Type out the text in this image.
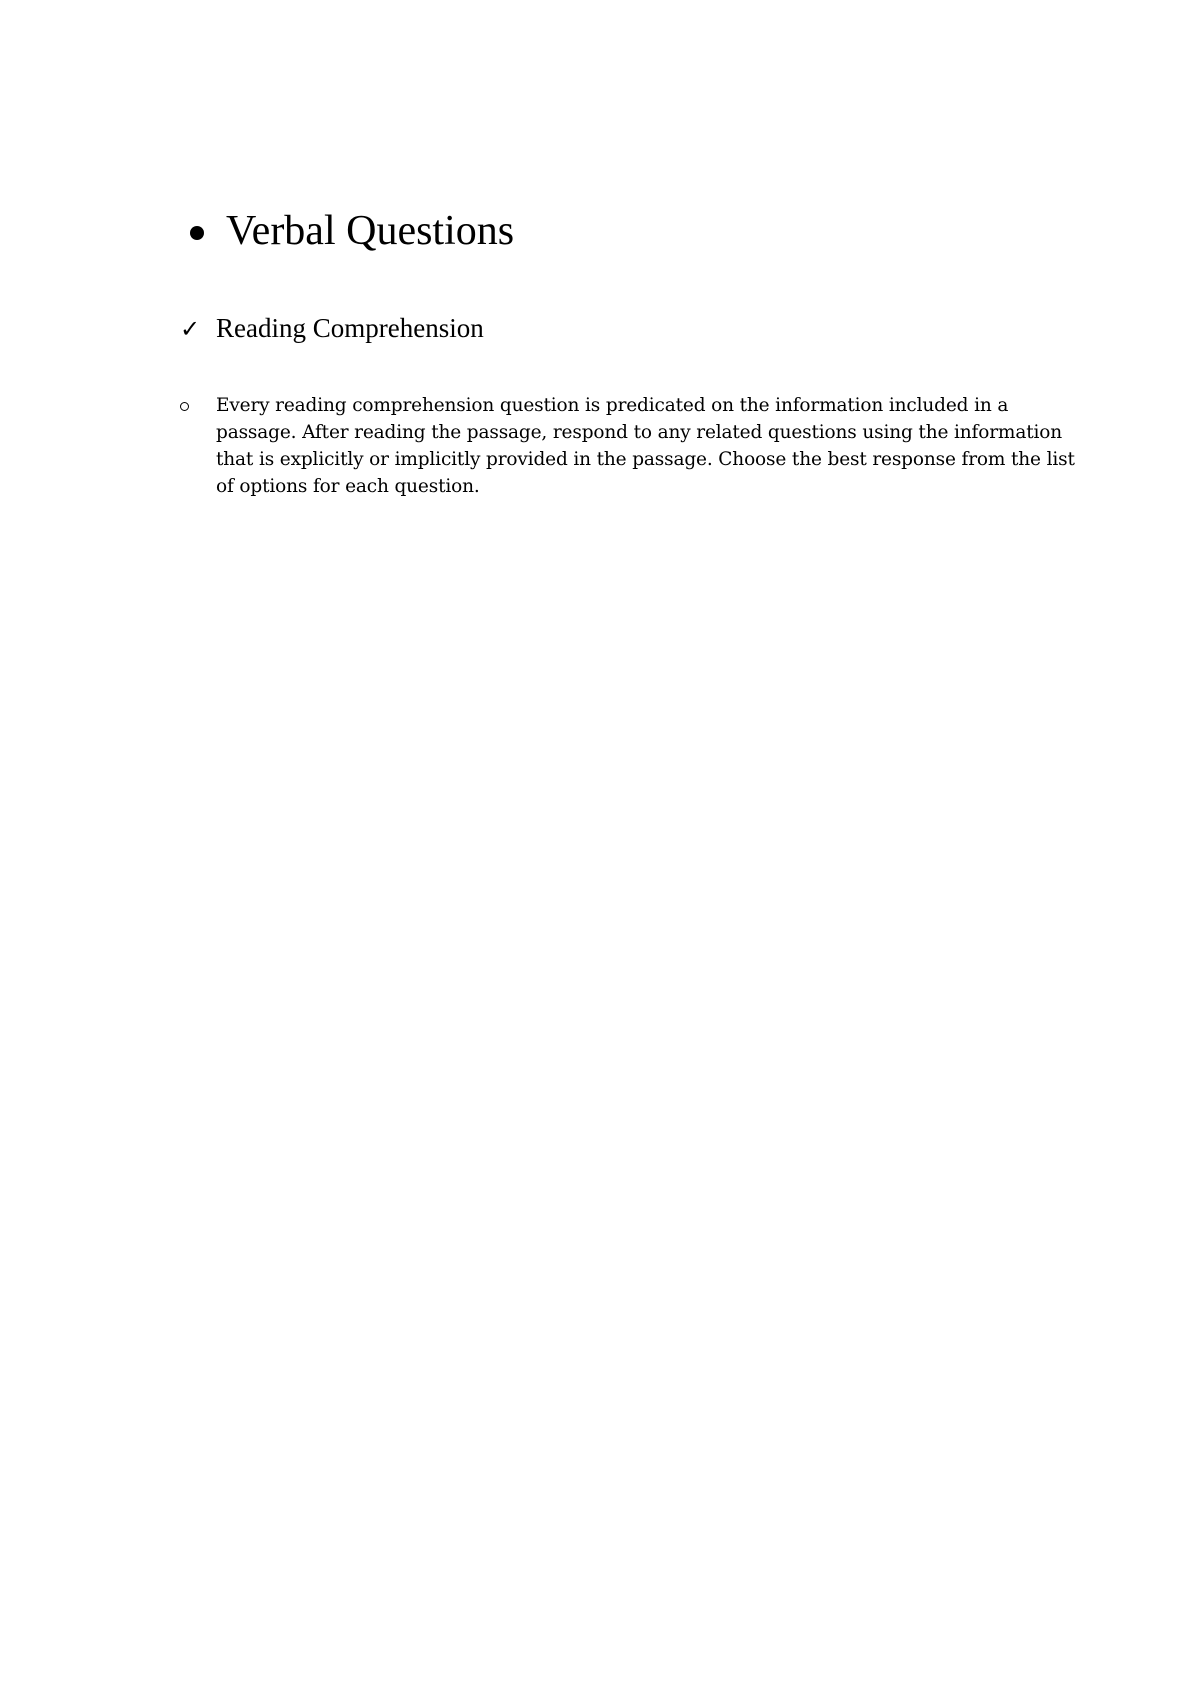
Verbal Questions
✓ Reading Comprehension
Every reading comprehension question is predicated on the information included in a passage. After reading the passage, respond to any related questions using the information that is explicitly or implicitly provided in the passage. Choose the best response from the list of options for each question.
